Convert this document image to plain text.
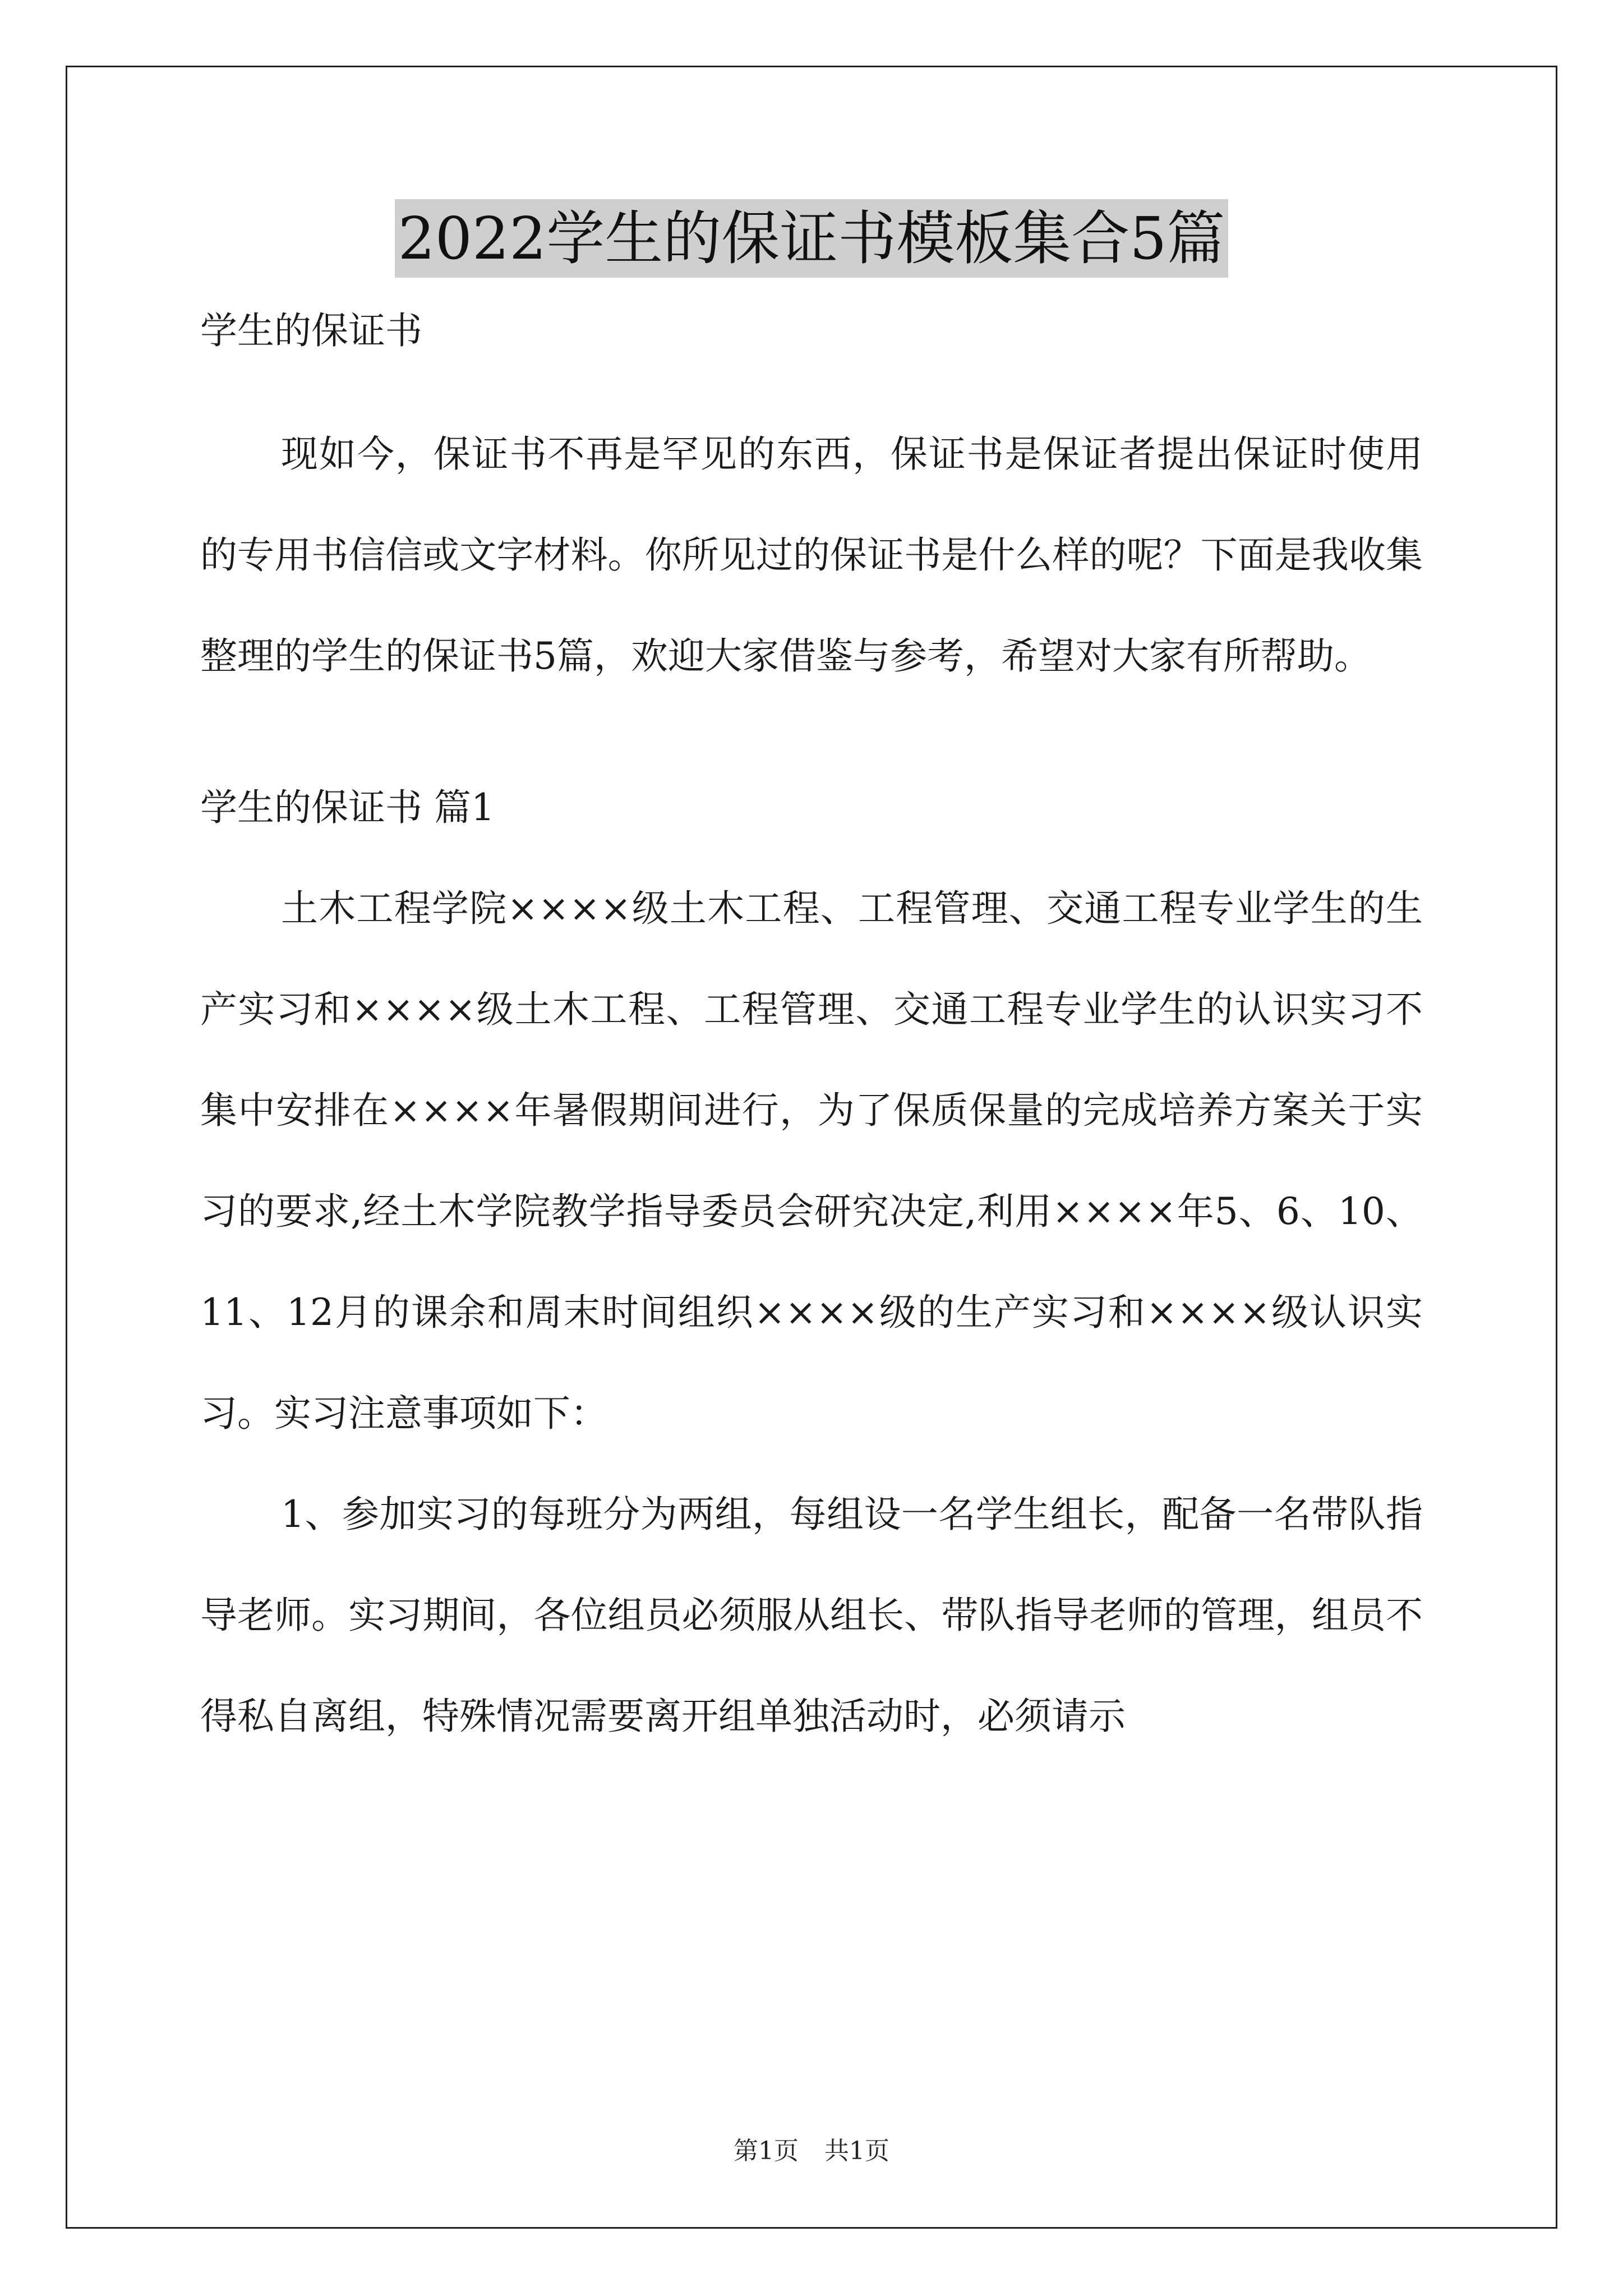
2022学生的保证书模板集合5篇

学生的保证书

现如今，保证书不再是罕见的东西，保证书是保证者提出保证时使用的专用书信信或文字材料。你所见过的保证书是什么样的呢？下面是我收集整理的学生的保证书5篇，欢迎大家借鉴与参考，希望对大家有所帮助。

学生的保证书 篇1

土木工程学院××××级土木工程、工程管理、交通工程专业学生的生产实习和××××级土木工程、工程管理、交通工程专业学生的认识实习不集中安排在××××年暑假期间进行，为了保质保量的完成培养方案关于实习的要求,经土木学院教学指导委员会研究决定,利用××××年5、6、10、11、12月的课余和周末时间组织××××级的生产实习和××××级认识实习。实习注意事项如下：

1、参加实习的每班分为两组，每组设一名学生组长，配备一名带队指导老师。实习期间，各位组员必须服从组长、带队指导老师的管理，组员不得私自离组，特殊情况需要离开组单独活动时，必须请示

第1页 共1页
